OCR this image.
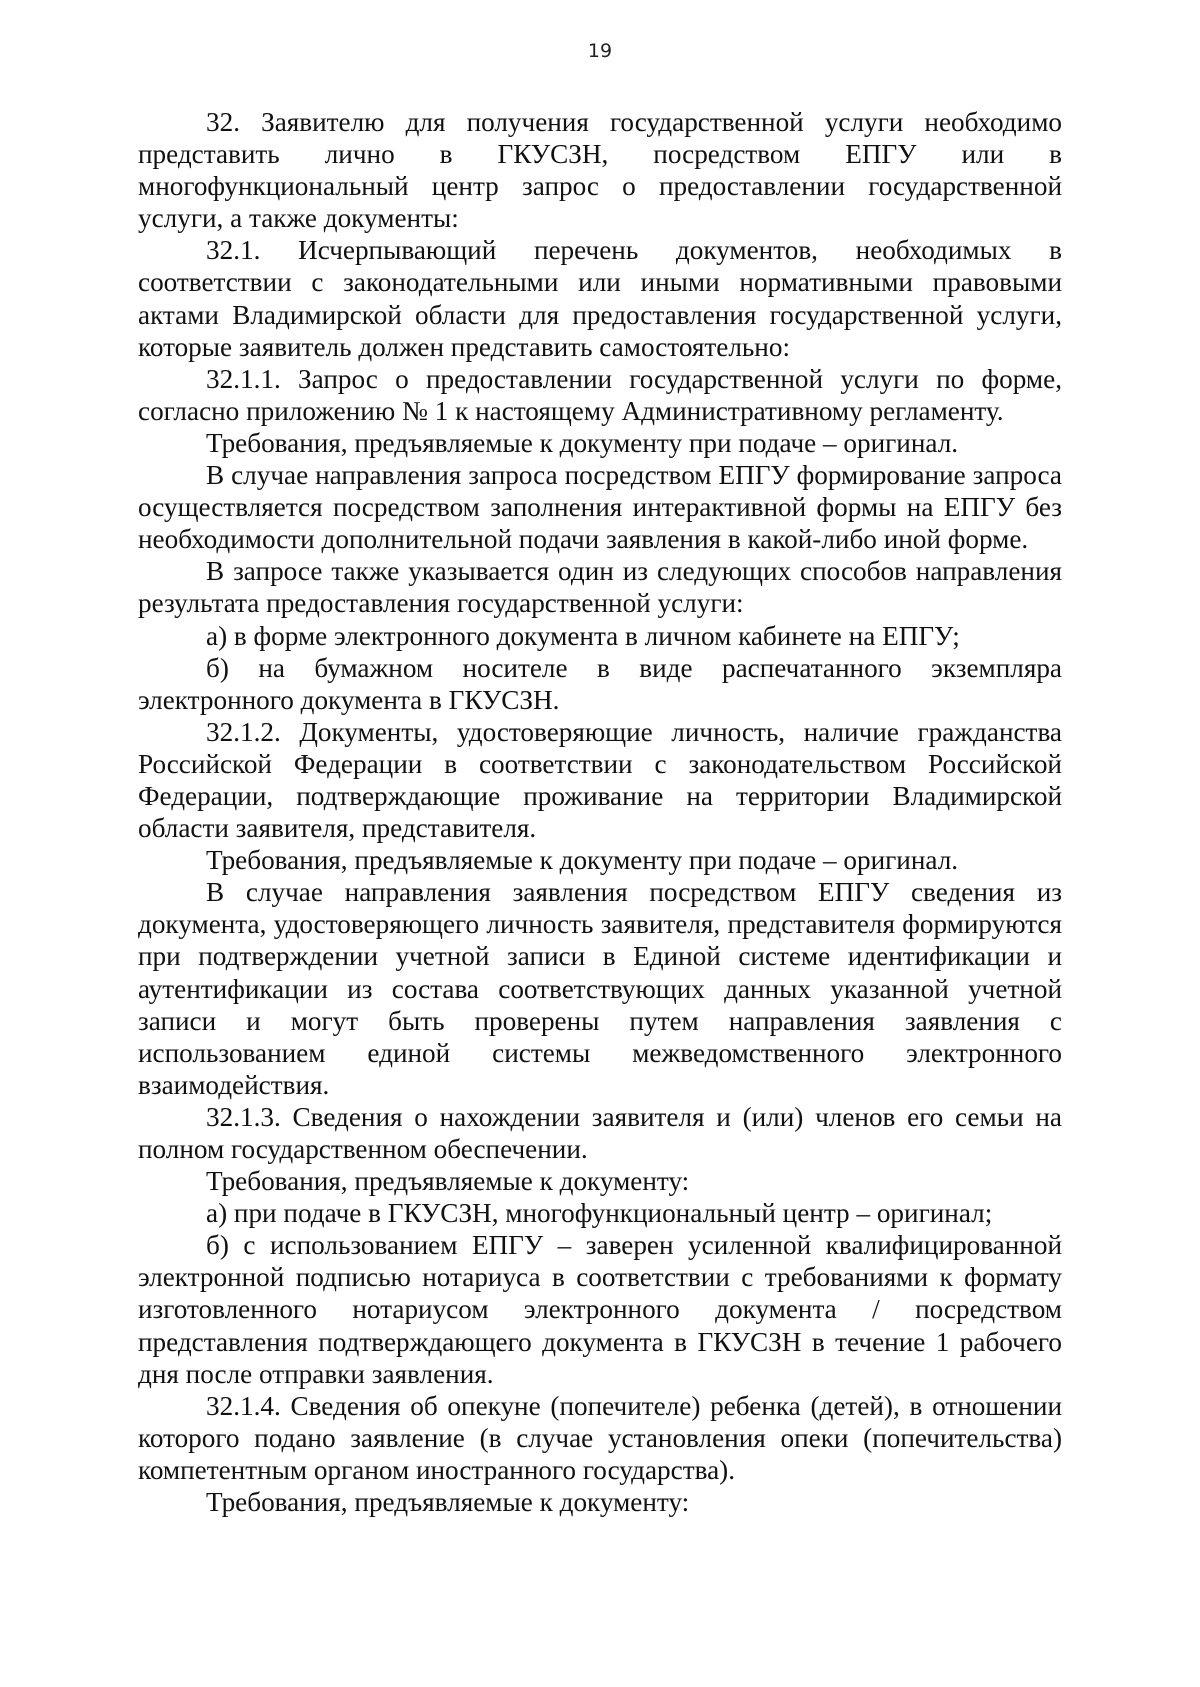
19

32. Заявителю для получения государственной услуги необходимо представить лично в ГКУСЗН, посредством ЕПГУ или в многофункциональный центр запрос о предоставлении государственной услуги, а также документы:

32.1. Исчерпывающий перечень документов, необходимых в соответствии с законодательными или иными нормативными правовыми актами Владимирской области для предоставления государственной услуги, которые заявитель должен представить самостоятельно:

32.1.1. Запрос о предоставлении государственной услуги по форме, согласно приложению № 1 к настоящему Административному регламенту.

Требования, предъявляемые к документу при подаче – оригинал.

В случае направления запроса посредством ЕПГУ формирование запроса осуществляется посредством заполнения интерактивной формы на ЕПГУ без необходимости дополнительной подачи заявления в какой-либо иной форме.

В запросе также указывается один из следующих способов направления результата предоставления государственной услуги:

а) в форме электронного документа в личном кабинете на ЕПГУ;

б) на бумажном носителе в виде распечатанного экземпляра электронного документа в ГКУСЗН.

32.1.2. Документы, удостоверяющие личность, наличие гражданства Российской Федерации в соответствии с законодательством Российской Федерации, подтверждающие проживание на территории Владимирской области заявителя, представителя.

Требования, предъявляемые к документу при подаче – оригинал.

В случае направления заявления посредством ЕПГУ сведения из документа, удостоверяющего личность заявителя, представителя формируются при подтверждении учетной записи в Единой системе идентификации и аутентификации из состава соответствующих данных указанной учетной записи и могут быть проверены путем направления заявления с использованием единой системы межведомственного электронного взаимодействия.

32.1.3. Сведения о нахождении заявителя и (или) членов его семьи на полном государственном обеспечении.

Требования, предъявляемые к документу:

а) при подаче в ГКУСЗН, многофункциональный центр – оригинал;

б) с использованием ЕПГУ – заверен усиленной квалифицированной электронной подписью нотариуса в соответствии с требованиями к формату изготовленного нотариусом электронного документа / посредством представления подтверждающего документа в ГКУСЗН в течение 1 рабочего дня после отправки заявления.

32.1.4. Сведения об опекуне (попечителе) ребенка (детей), в отношении которого подано заявление (в случае установления опеки (попечительства) компетентным органом иностранного государства).

Требования, предъявляемые к документу:
